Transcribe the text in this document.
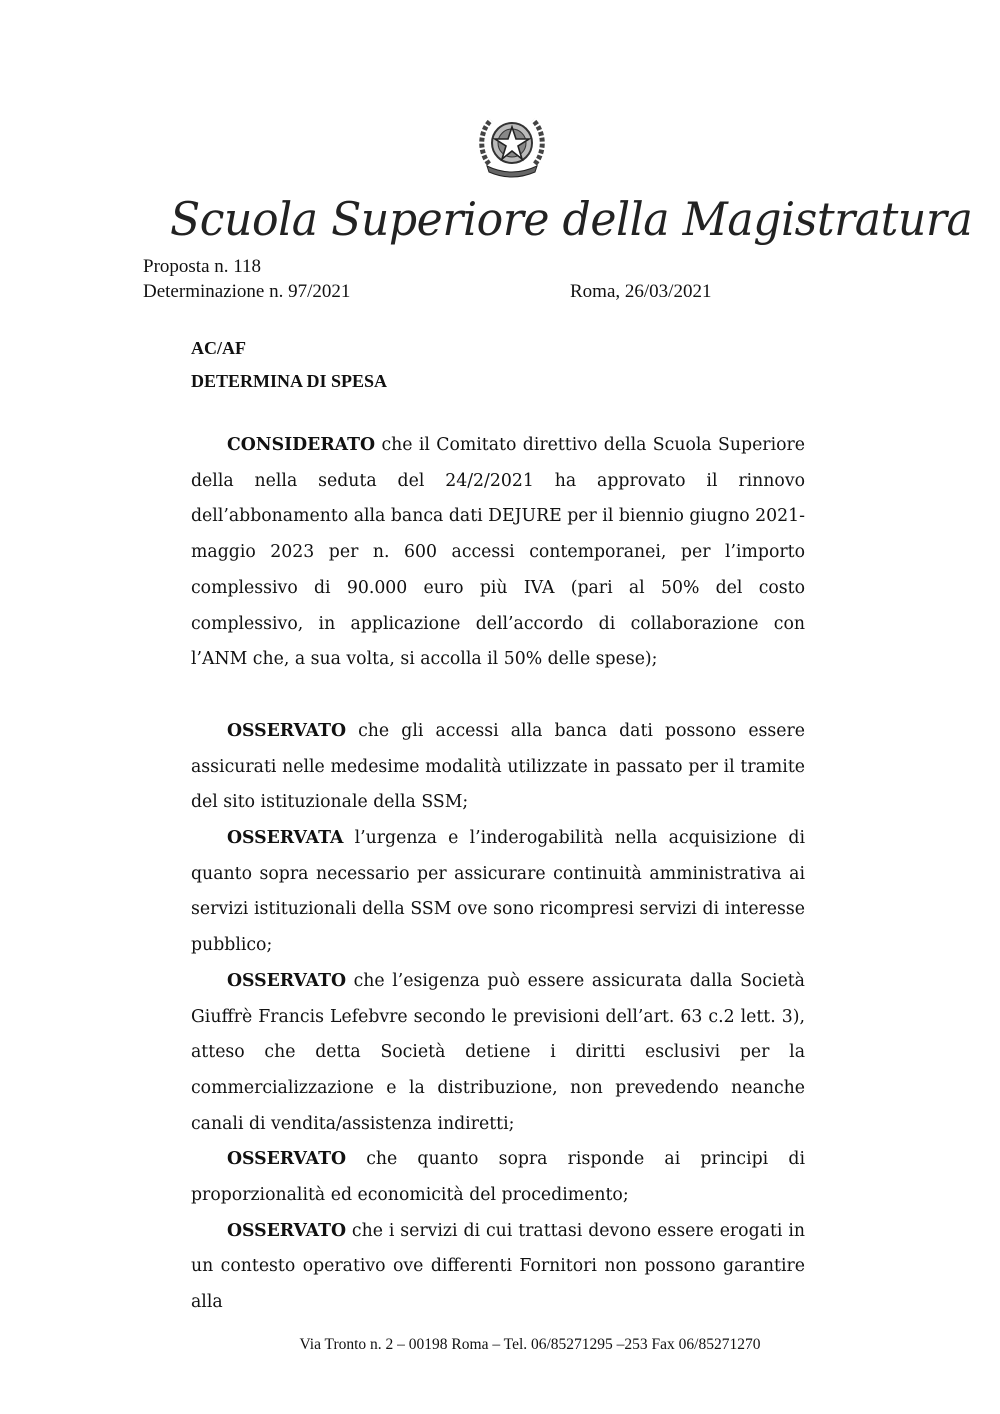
Scuola Superiore della Magistratura
Proposta n. 118
Determinazione n. 97/2021	Roma, 26/03/2021
AC/AF
DETERMINA DI SPESA

CONSIDERATO che il Comitato direttivo della Scuola Superiore della nella seduta del 24/2/2021 ha approvato il rinnovo dell’abbonamento alla banca dati DEJURE per il biennio giugno 2021-maggio 2023 per n. 600 accessi contemporanei, per l’importo complessivo di 90.000 euro più IVA (pari al 50% del costo complessivo, in applicazione dell’accordo di collaborazione con l’ANM che, a sua volta, si accolla il 50% delle spese);

OSSERVATO che gli accessi alla banca dati possono essere assicurati nelle medesime modalità utilizzate in passato per il tramite del sito istituzionale della SSM;

OSSERVATA l’urgenza e l’inderogabilità nella acquisizione di quanto sopra necessario per assicurare continuità amministrativa ai servizi istituzionali della SSM ove sono ricompresi servizi di interesse pubblico;

OSSERVATO che l’esigenza può essere assicurata dalla Società Giuffrè Francis Lefebvre secondo le previsioni dell’art. 63 c.2 lett. 3), atteso che detta Società detiene i diritti esclusivi per la commercializzazione e la distribuzione, non prevedendo neanche canali di vendita/assistenza indiretti;

OSSERVATO che quanto sopra risponde ai principi di proporzionalità ed economicità del procedimento;

OSSERVATO che i servizi di cui trattasi devono essere erogati in un contesto operativo ove differenti Fornitori non possono garantire alla

Via Tronto n. 2 – 00198 Roma – Tel. 06/85271295 –253 Fax 06/85271270
